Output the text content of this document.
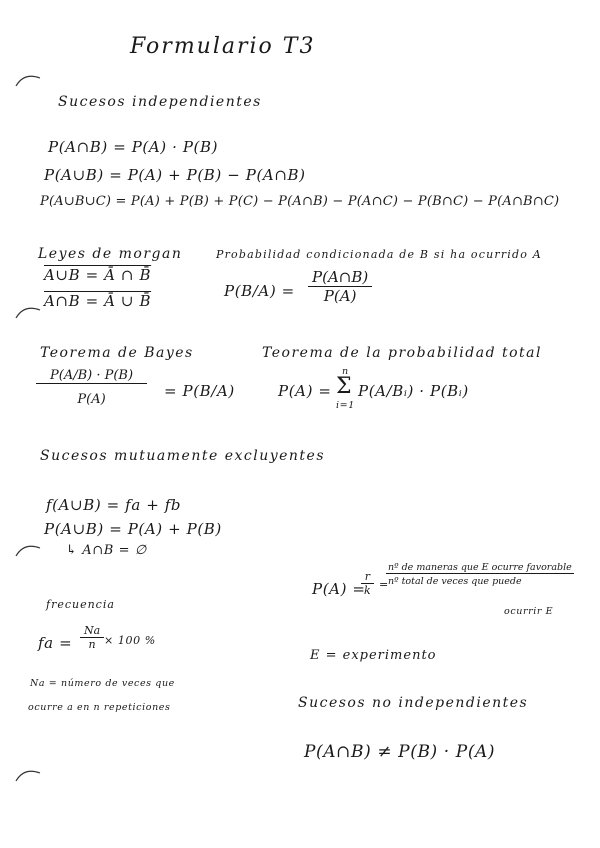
Formulario T3
Sucesos independientes
P(A∩B) = P(A) · P(B)
P(A∪B) = P(A) + P(B) − P(A∩B)
P(A∪B∪C) = P(A) + P(B) + P(C) − P(A∩B) − P(A∩C) − P(B∩C) − P(A∩B∩C)
Leyes de morgan
A∪B = Ā ∩ B̄
A∩B = Ā ∪ B̄
Probabilidad condicionada de B si ha ocurrido A
$P(B/A) = \frac{P(A\cap B)}{P(A)}$
Teorema de Bayes
$\frac{P(A/B) \cdot P(B)}{P(A)} = P(B/A)$
Teorema de la probabilidad total
P(A) =
n
Σ
i=1
P(A/Bᵢ) · P(Bᵢ)
Sucesos mutuamente excluyentes
f(A∪B) = fa + fb
P(A∪B) = P(A) + P(B)
↳ A∩B = ∅
P(A) =
$\frac{r}{k}$ =
nº de maneras que E ocurre favorable
nº total de veces que puede
ocurrir E
frecuencia
fa = $\frac{Na}{n} \times 100$ %
Na = número de veces que
ocurre a en n repeticiones
E = experimento
Sucesos no independientes
P(A∩B) ≠ P(B) · P(A)
